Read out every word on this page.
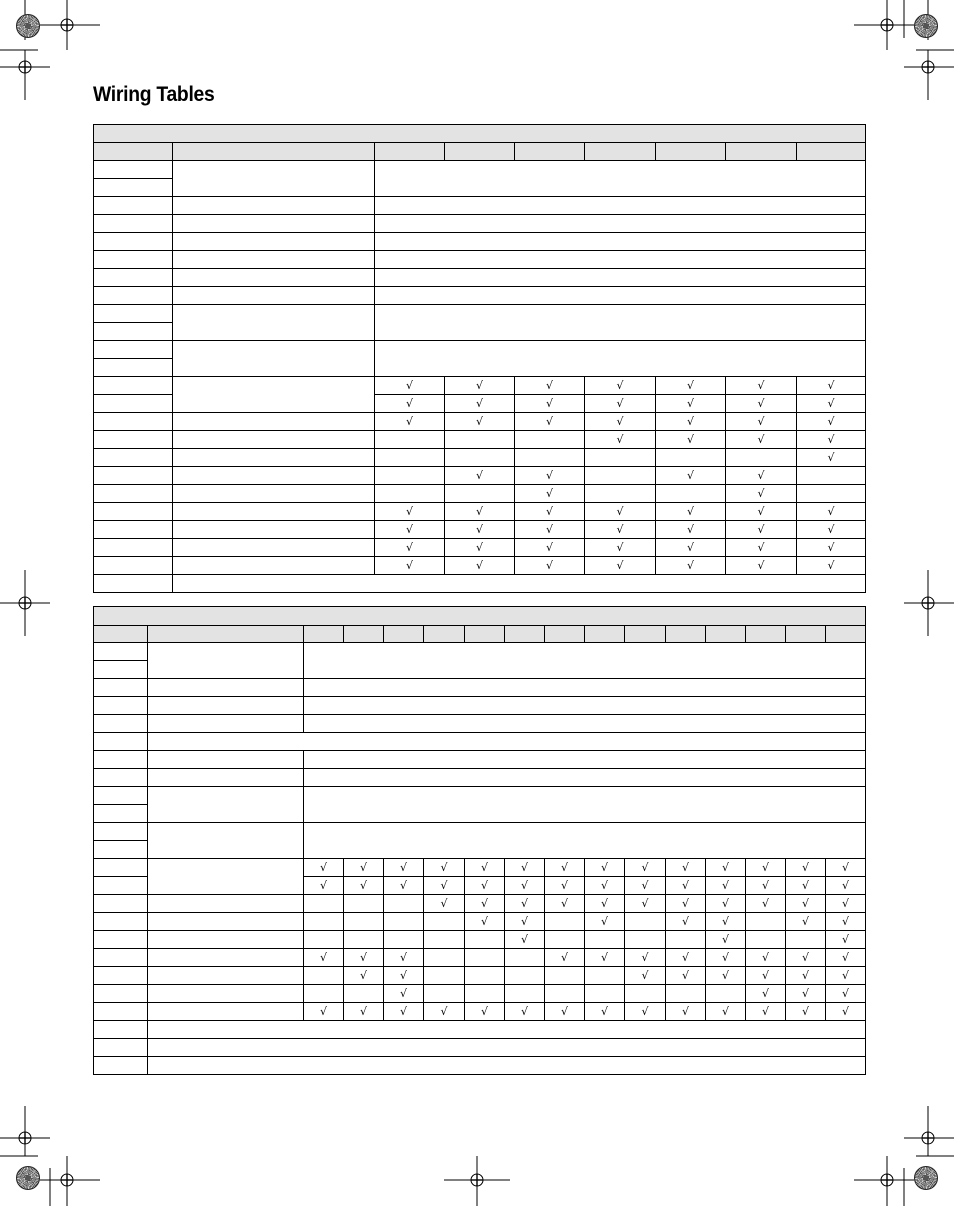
Wiring Tables

		√	√	√	√	√	√	√
		√	√	√	√	√	√	√
		√	√	√	√	√	√	√
					√	√	√	√
								√
			√	√		√	√	
				√			√	
		√	√	√	√	√	√	√
		√	√	√	√	√	√	√
		√	√	√	√	√	√	√
		√	√	√	√	√	√	√

		√	√	√	√	√	√	√	√	√	√	√	√	√	√
		√	√	√	√	√	√	√	√	√	√	√	√	√	√
					√	√	√	√	√	√	√	√	√	√	√
						√	√		√		√	√		√	√
							√					√			√
		√	√	√				√	√	√	√	√	√	√	√
			√	√						√	√	√	√	√	√
				√									√	√	√
		√	√	√	√	√	√	√	√	√	√	√	√	√	√
